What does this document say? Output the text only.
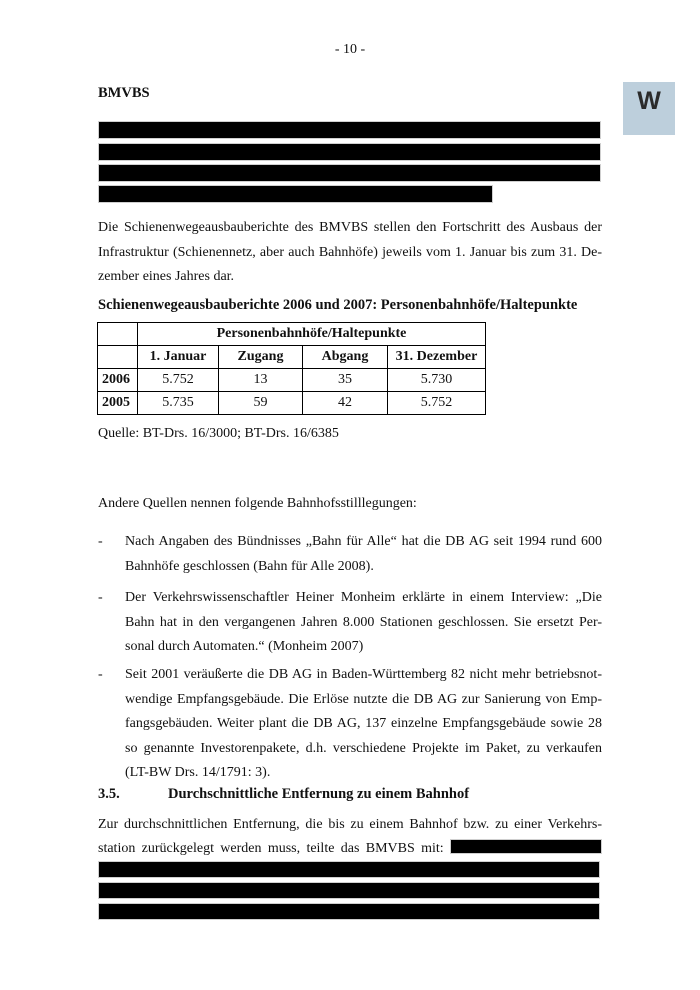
- 10 -
W
BMVBS
Die Schienenwegeausbauberichte des BMVBS stellen den Fortschritt des Ausbaus der
Infrastruktur (Schienennetz, aber auch Bahnhöfe) jeweils vom 1. Januar bis zum 31. De-
zember eines Jahres dar.
Schienenwegeausbauberichte 2006 und 2007: Personenbahnhöfe/Haltepunkte
	Personenbahnhöfe/Haltepunkte			
	1. Januar	Zugang	Abgang	31. Dezember
2006	5.752	13	35	5.730
2005	5.735	59	42	5.752
Quelle: BT-Drs. 16/3000; BT-Drs. 16/6385
Andere Quellen nennen folgende Bahnhofsstilllegungen:
- Nach Angaben des Bündnisses „Bahn für Alle“ hat die DB AG seit 1994 rund 600
Bahnhöfe geschlossen (Bahn für Alle 2008).
- Der Verkehrswissenschaftler Heiner Monheim erklärte in einem Interview: „Die
Bahn hat in den vergangenen Jahren 8.000 Stationen geschlossen. Sie ersetzt Per-
sonal durch Automaten.“ (Monheim 2007)
- Seit 2001 veräußerte die DB AG in Baden-Württemberg 82 nicht mehr betriebsnot-
wendige Empfangsgebäude. Die Erlöse nutzte die DB AG zur Sanierung von Emp-
fangsgebäuden. Weiter plant die DB AG, 137 einzelne Empfangsgebäude sowie 28
so genannte Investorenpakete, d.h. verschiedene Projekte im Paket, zu verkaufen
(LT-BW Drs. 14/1791: 3).
3.5.	Durchschnittliche Entfernung zu einem Bahnhof
Zur durchschnittlichen Entfernung, die bis zu einem Bahnhof bzw. zu einer Verkehrs-
station zurückgelegt werden muss, teilte das BMVBS mit:
